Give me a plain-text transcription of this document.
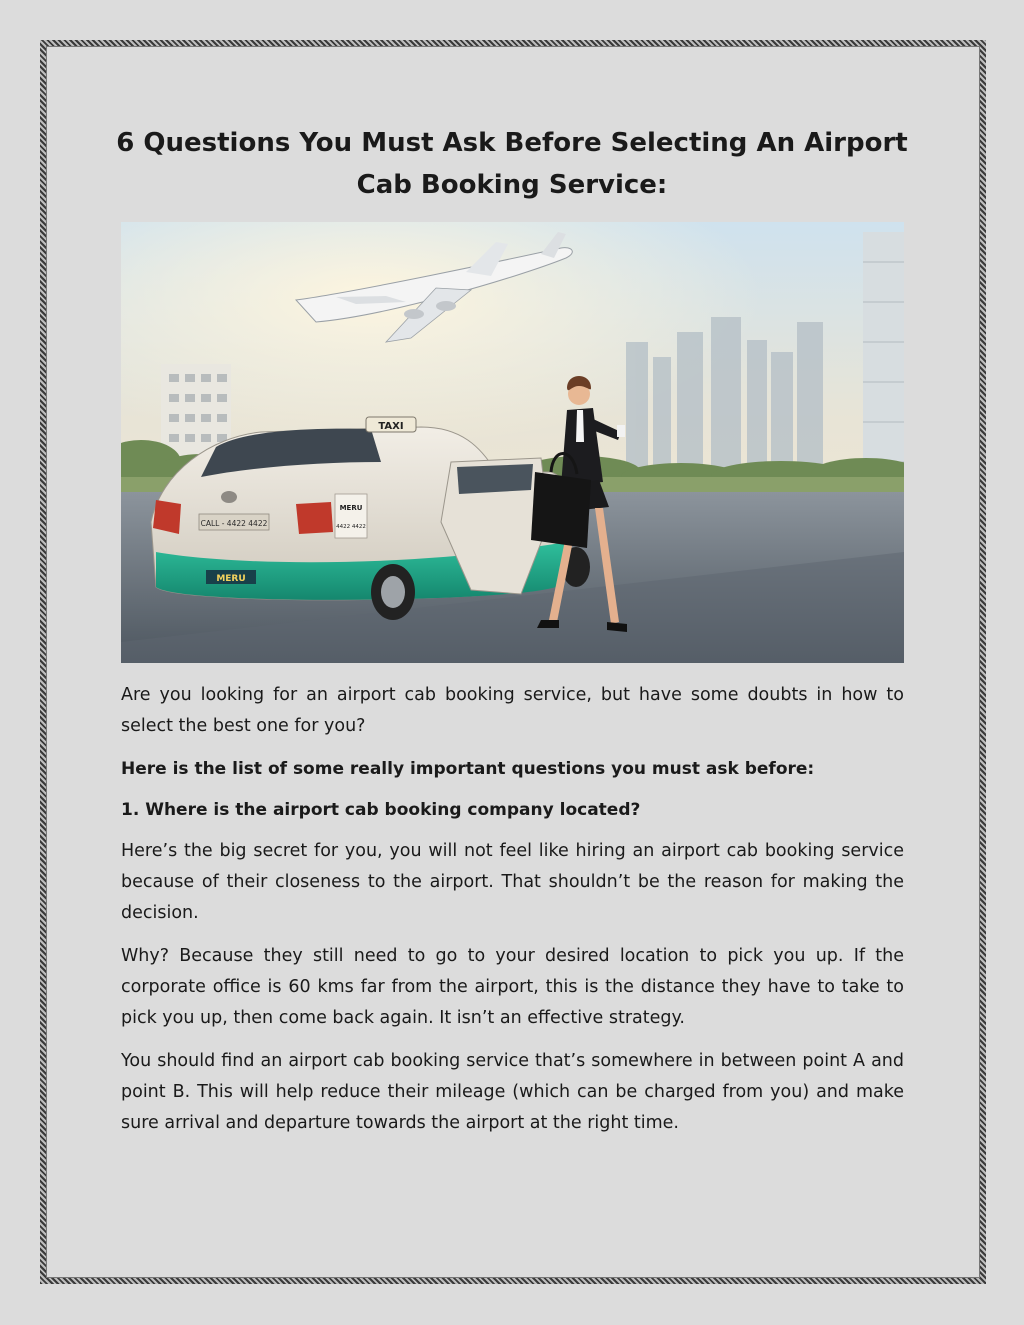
6 Questions You Must Ask Before Selecting An Airport Cab Booking Service:
CALL - 4422 4422
MERU
MERU
4422 4422
TAXI

Are you looking for an airport cab booking service, but have some doubts in how to select the best one for you?

Here is the list of some really important questions you must ask before:

1. Where is the airport cab booking company located?

Here’s the big secret for you, you will not feel like hiring an airport cab booking service because of their closeness to the airport. That shouldn’t be the reason for making the decision.

Why? Because they still need to go to your desired location to pick you up. If the corporate office is 60 kms far from the airport, this is the distance they have to take to pick you up, then come back again. It isn’t an effective strategy.

You should find an airport cab booking service that’s somewhere in between point A and point B. This will help reduce their mileage (which can be charged from you) and make sure arrival and departure towards the airport at the right time.
